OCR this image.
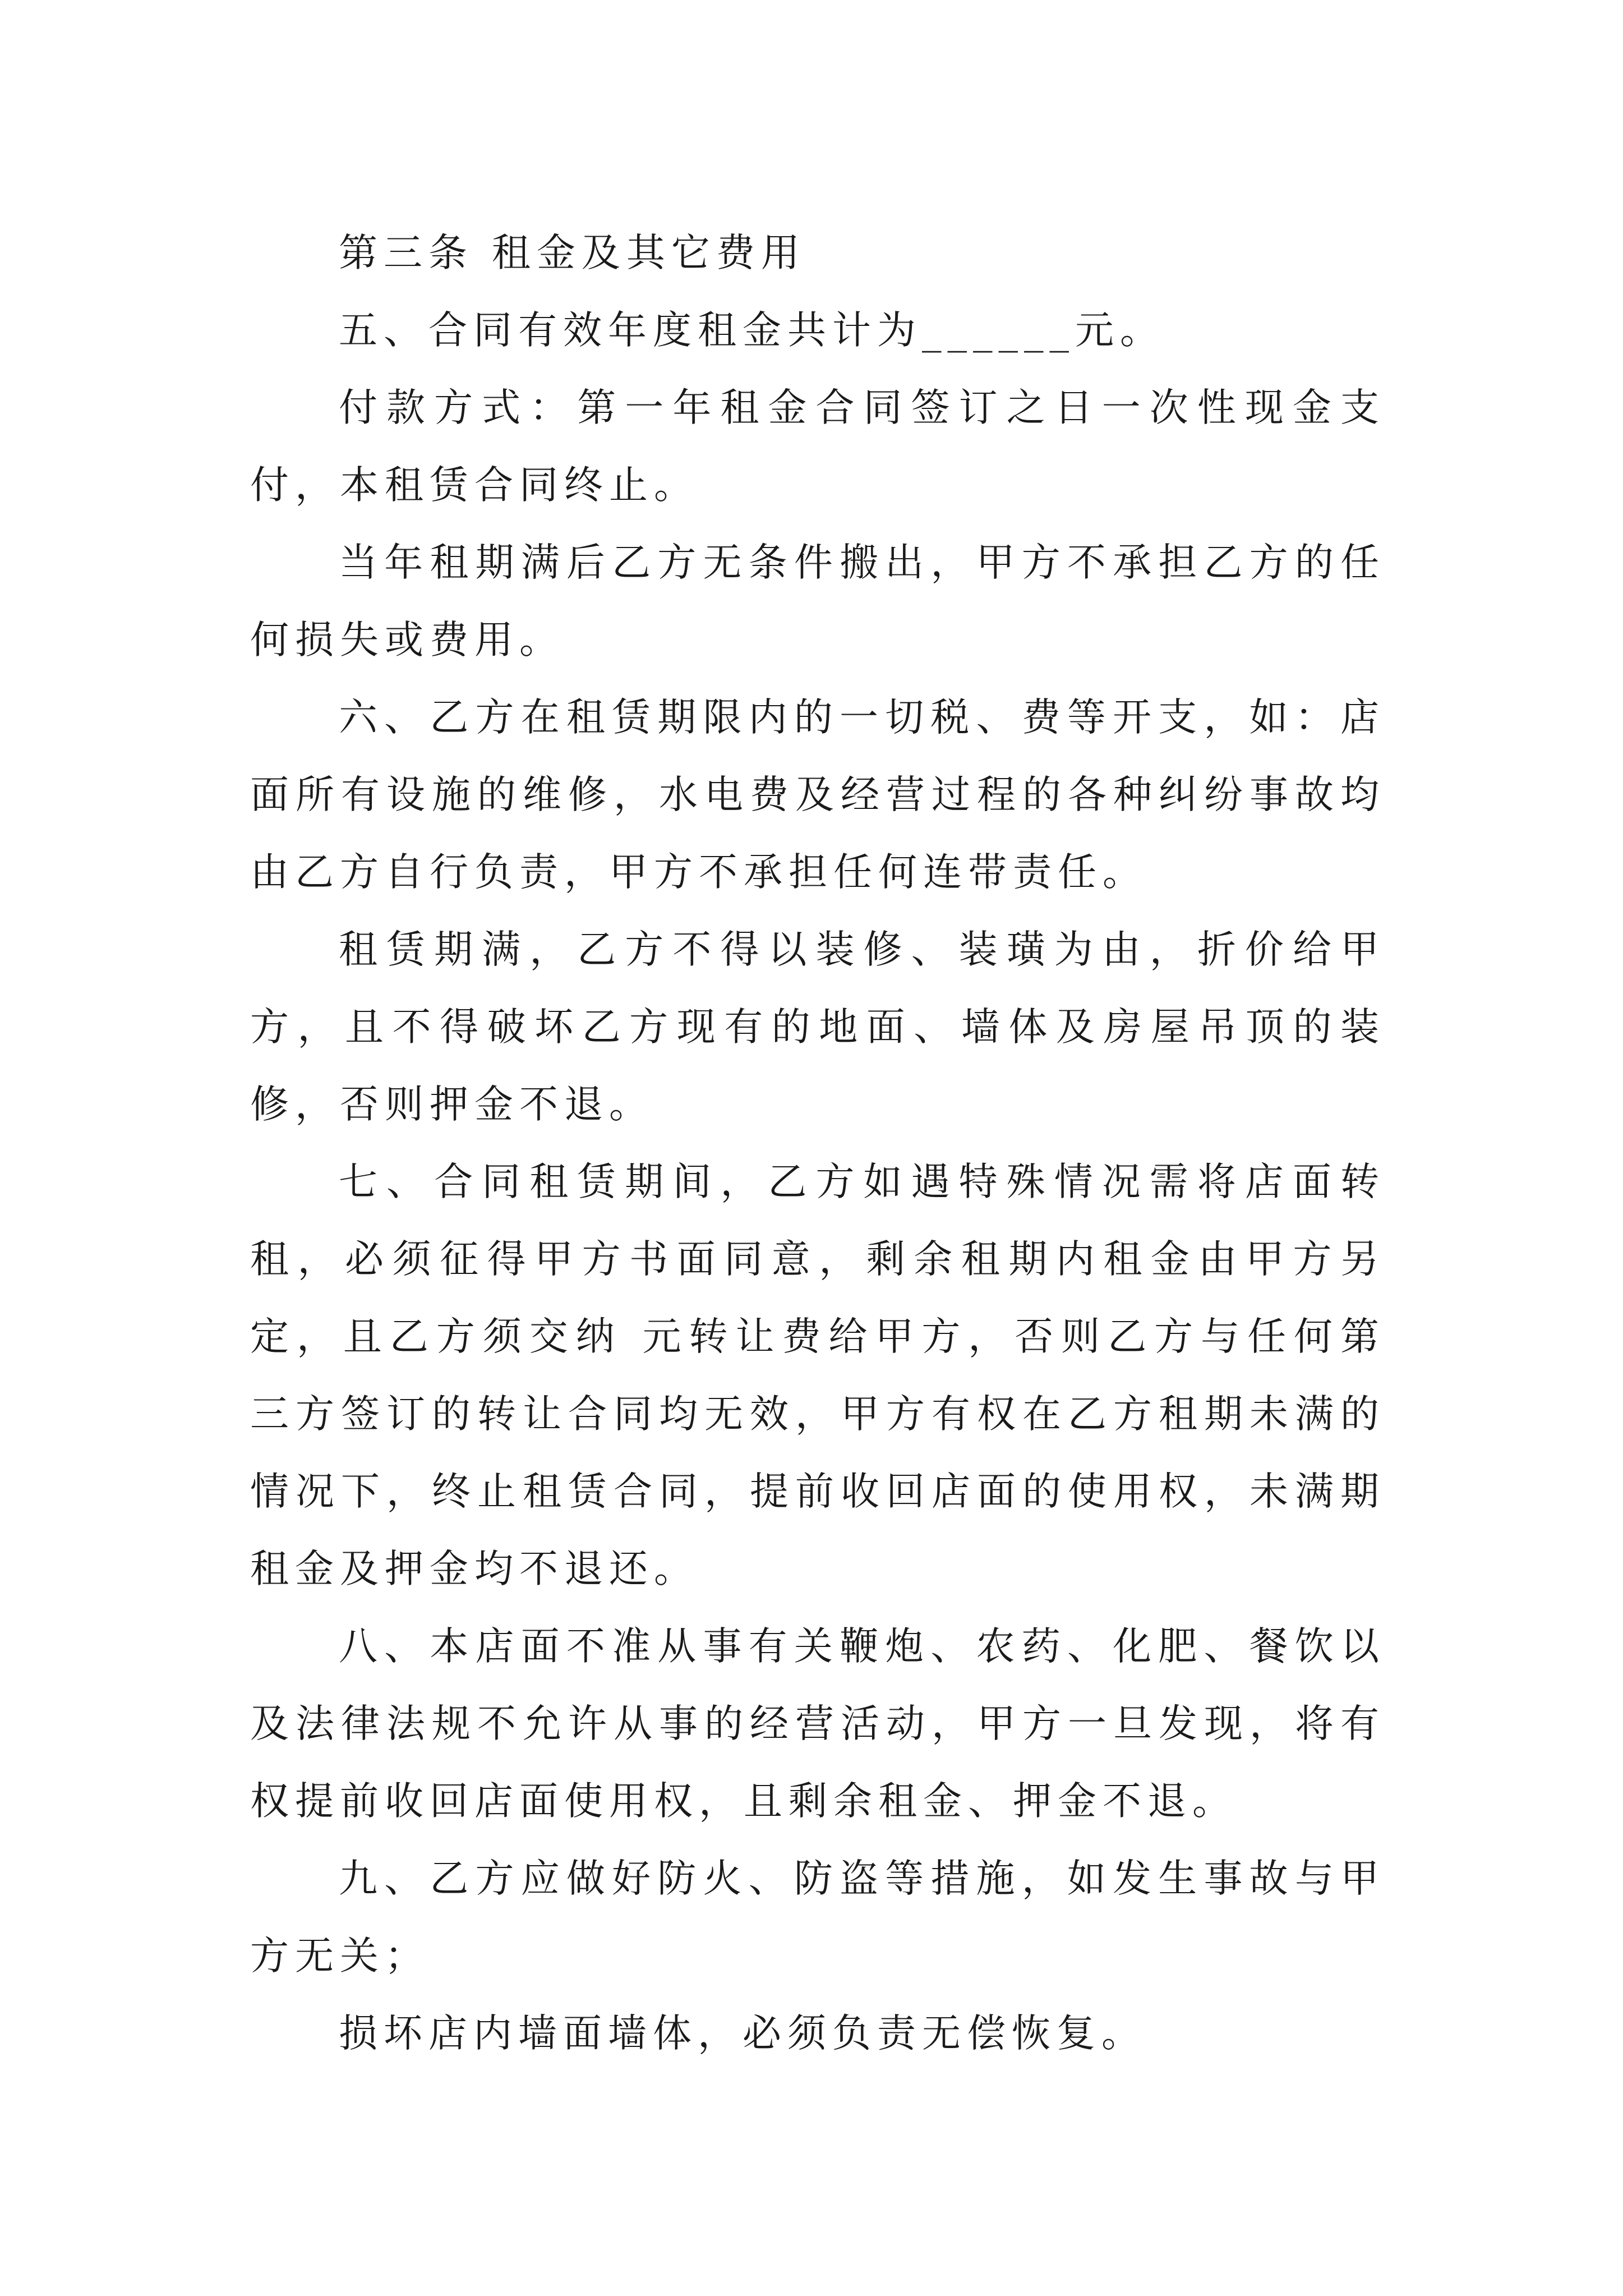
第三条 租金及其它费用

五、合同有效年度租金共计为______元。

付款方式：第一年租金合同签订之日一次性现金支付，本租赁合同终止。

当年租期满后乙方无条件搬出，甲方不承担乙方的任何损失或费用。

六、乙方在租赁期限内的一切税、费等开支，如：店面所有设施的维修，水电费及经营过程的各种纠纷事故均由乙方自行负责，甲方不承担任何连带责任。

租赁期满，乙方不得以装修、装璜为由，折价给甲方，且不得破坏乙方现有的地面、墙体及房屋吊顶的装修，否则押金不退。

七、合同租赁期间，乙方如遇特殊情况需将店面转租，必须征得甲方书面同意，剩余租期内租金由甲方另定，且乙方须交纳 元转让费给甲方，否则乙方与任何第三方签订的转让合同均无效，甲方有权在乙方租期未满的情况下，终止租赁合同，提前收回店面的使用权，未满期租金及押金均不退还。

八、本店面不准从事有关鞭炮、农药、化肥、餐饮以及法律法规不允许从事的经营活动，甲方一旦发现，将有权提前收回店面使用权，且剩余租金、押金不退。

九、乙方应做好防火、防盗等措施，如发生事故与甲方无关；

损坏店内墙面墙体，必须负责无偿恢复。
